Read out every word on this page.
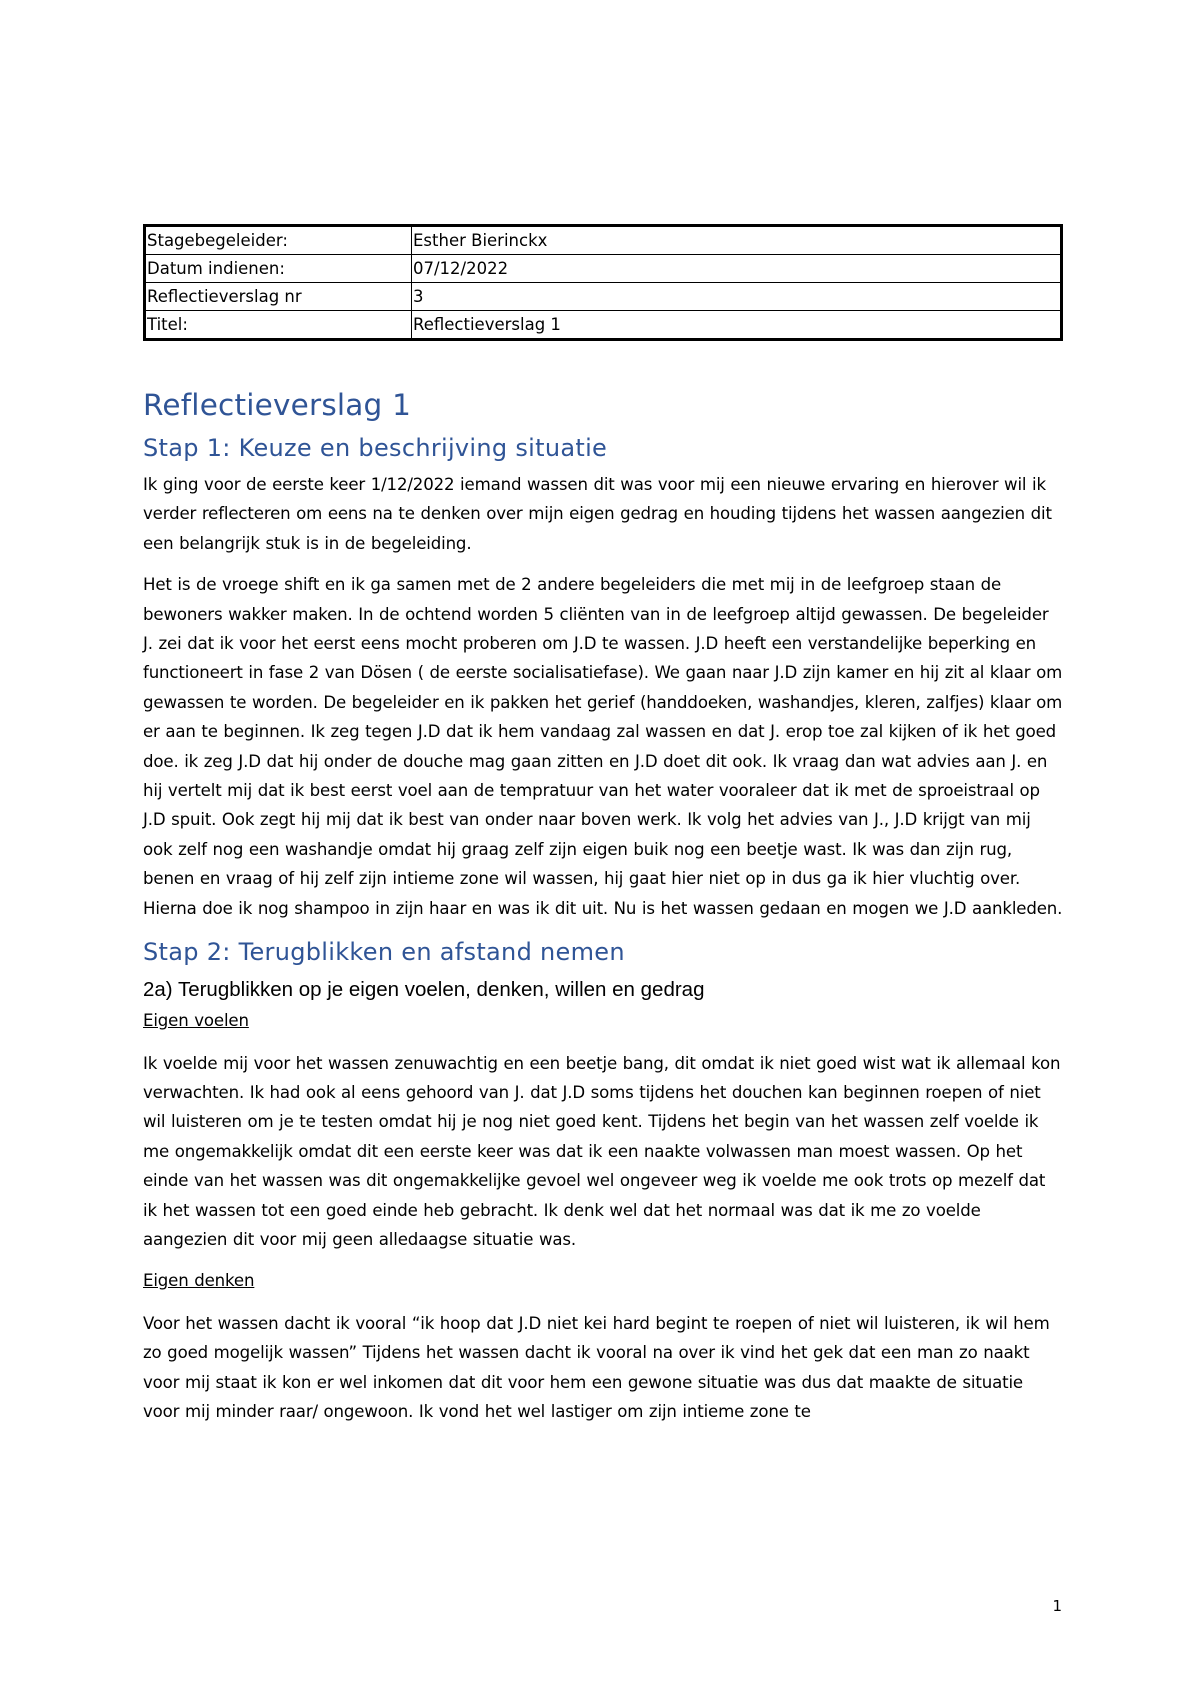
Stagebegeleider:	Esther Bierinckx
Datum indienen:	07/12/2022
Reflectieverslag nr	3
Titel:	Reflectieverslag 1
Reflectieverslag 1
Stap 1: Keuze en beschrijving situatie

Ik ging voor de eerste keer 1/12/2022 iemand wassen dit was voor mij een nieuwe ervaring en hierover wil ik verder reflecteren om eens na te denken over mijn eigen gedrag en houding tijdens het wassen aangezien dit een belangrijk stuk is in de begeleiding.

Het is de vroege shift en ik ga samen met de 2 andere begeleiders die met mij in de leefgroep staan de bewoners wakker maken. In de ochtend worden 5 cliënten van in de leefgroep altijd gewassen. De begeleider J. zei dat ik voor het eerst eens mocht proberen om J.D te wassen. J.D heeft een verstandelijke beperking en functioneert in fase 2 van Dösen ( de eerste socialisatiefase). We gaan naar J.D zijn kamer en hij zit al klaar om gewassen te worden. De begeleider en ik pakken het gerief (handdoeken, washandjes, kleren, zalfjes) klaar om er aan te beginnen. Ik zeg tegen J.D dat ik hem vandaag zal wassen en dat J. erop toe zal kijken of ik het goed doe. ik zeg J.D dat hij onder de douche mag gaan zitten en J.D doet dit ook. Ik vraag dan wat advies aan J. en hij vertelt mij dat ik best eerst voel aan de tempratuur van het water vooraleer dat ik met de sproeistraal op J.D spuit. Ook zegt hij mij dat ik best van onder naar boven werk. Ik volg het advies van J., J.D krijgt van mij ook zelf nog een washandje omdat hij graag zelf zijn eigen buik nog een beetje wast. Ik was dan zijn rug, benen en vraag of hij zelf zijn intieme zone wil wassen, hij gaat hier niet op in dus ga ik hier vluchtig over. Hierna doe ik nog shampoo in zijn haar en was ik dit uit. Nu is het wassen gedaan en mogen we J.D aankleden.

Stap 2: Terugblikken en afstand nemen
2a) Terugblikken op je eigen voelen, denken, willen en gedrag

Eigen voelen

Ik voelde mij voor het wassen zenuwachtig en een beetje bang, dit omdat ik niet goed wist wat ik allemaal kon verwachten. Ik had ook al eens gehoord van J. dat J.D soms tijdens het douchen kan beginnen roepen of niet wil luisteren om je te testen omdat hij je nog niet goed kent. Tijdens het begin van het wassen zelf voelde ik me ongemakkelijk omdat dit een eerste keer was dat ik een naakte volwassen man moest wassen. Op het einde van het wassen was dit ongemakkelijke gevoel wel ongeveer weg ik voelde me ook trots op mezelf dat ik het wassen tot een goed einde heb gebracht. Ik denk wel dat het normaal was dat ik me zo voelde aangezien dit voor mij geen alledaagse situatie was.

Eigen denken

Voor het wassen dacht ik vooral “ik hoop dat J.D niet kei hard begint te roepen of niet wil luisteren, ik wil hem zo goed mogelijk wassen” Tijdens het wassen dacht ik vooral na over ik vind het gek dat een man zo naakt voor mij staat ik kon er wel inkomen dat dit voor hem een gewone situatie was dus dat maakte de situatie voor mij minder raar/ ongewoon. Ik vond het wel lastiger om zijn intieme zone te

1
